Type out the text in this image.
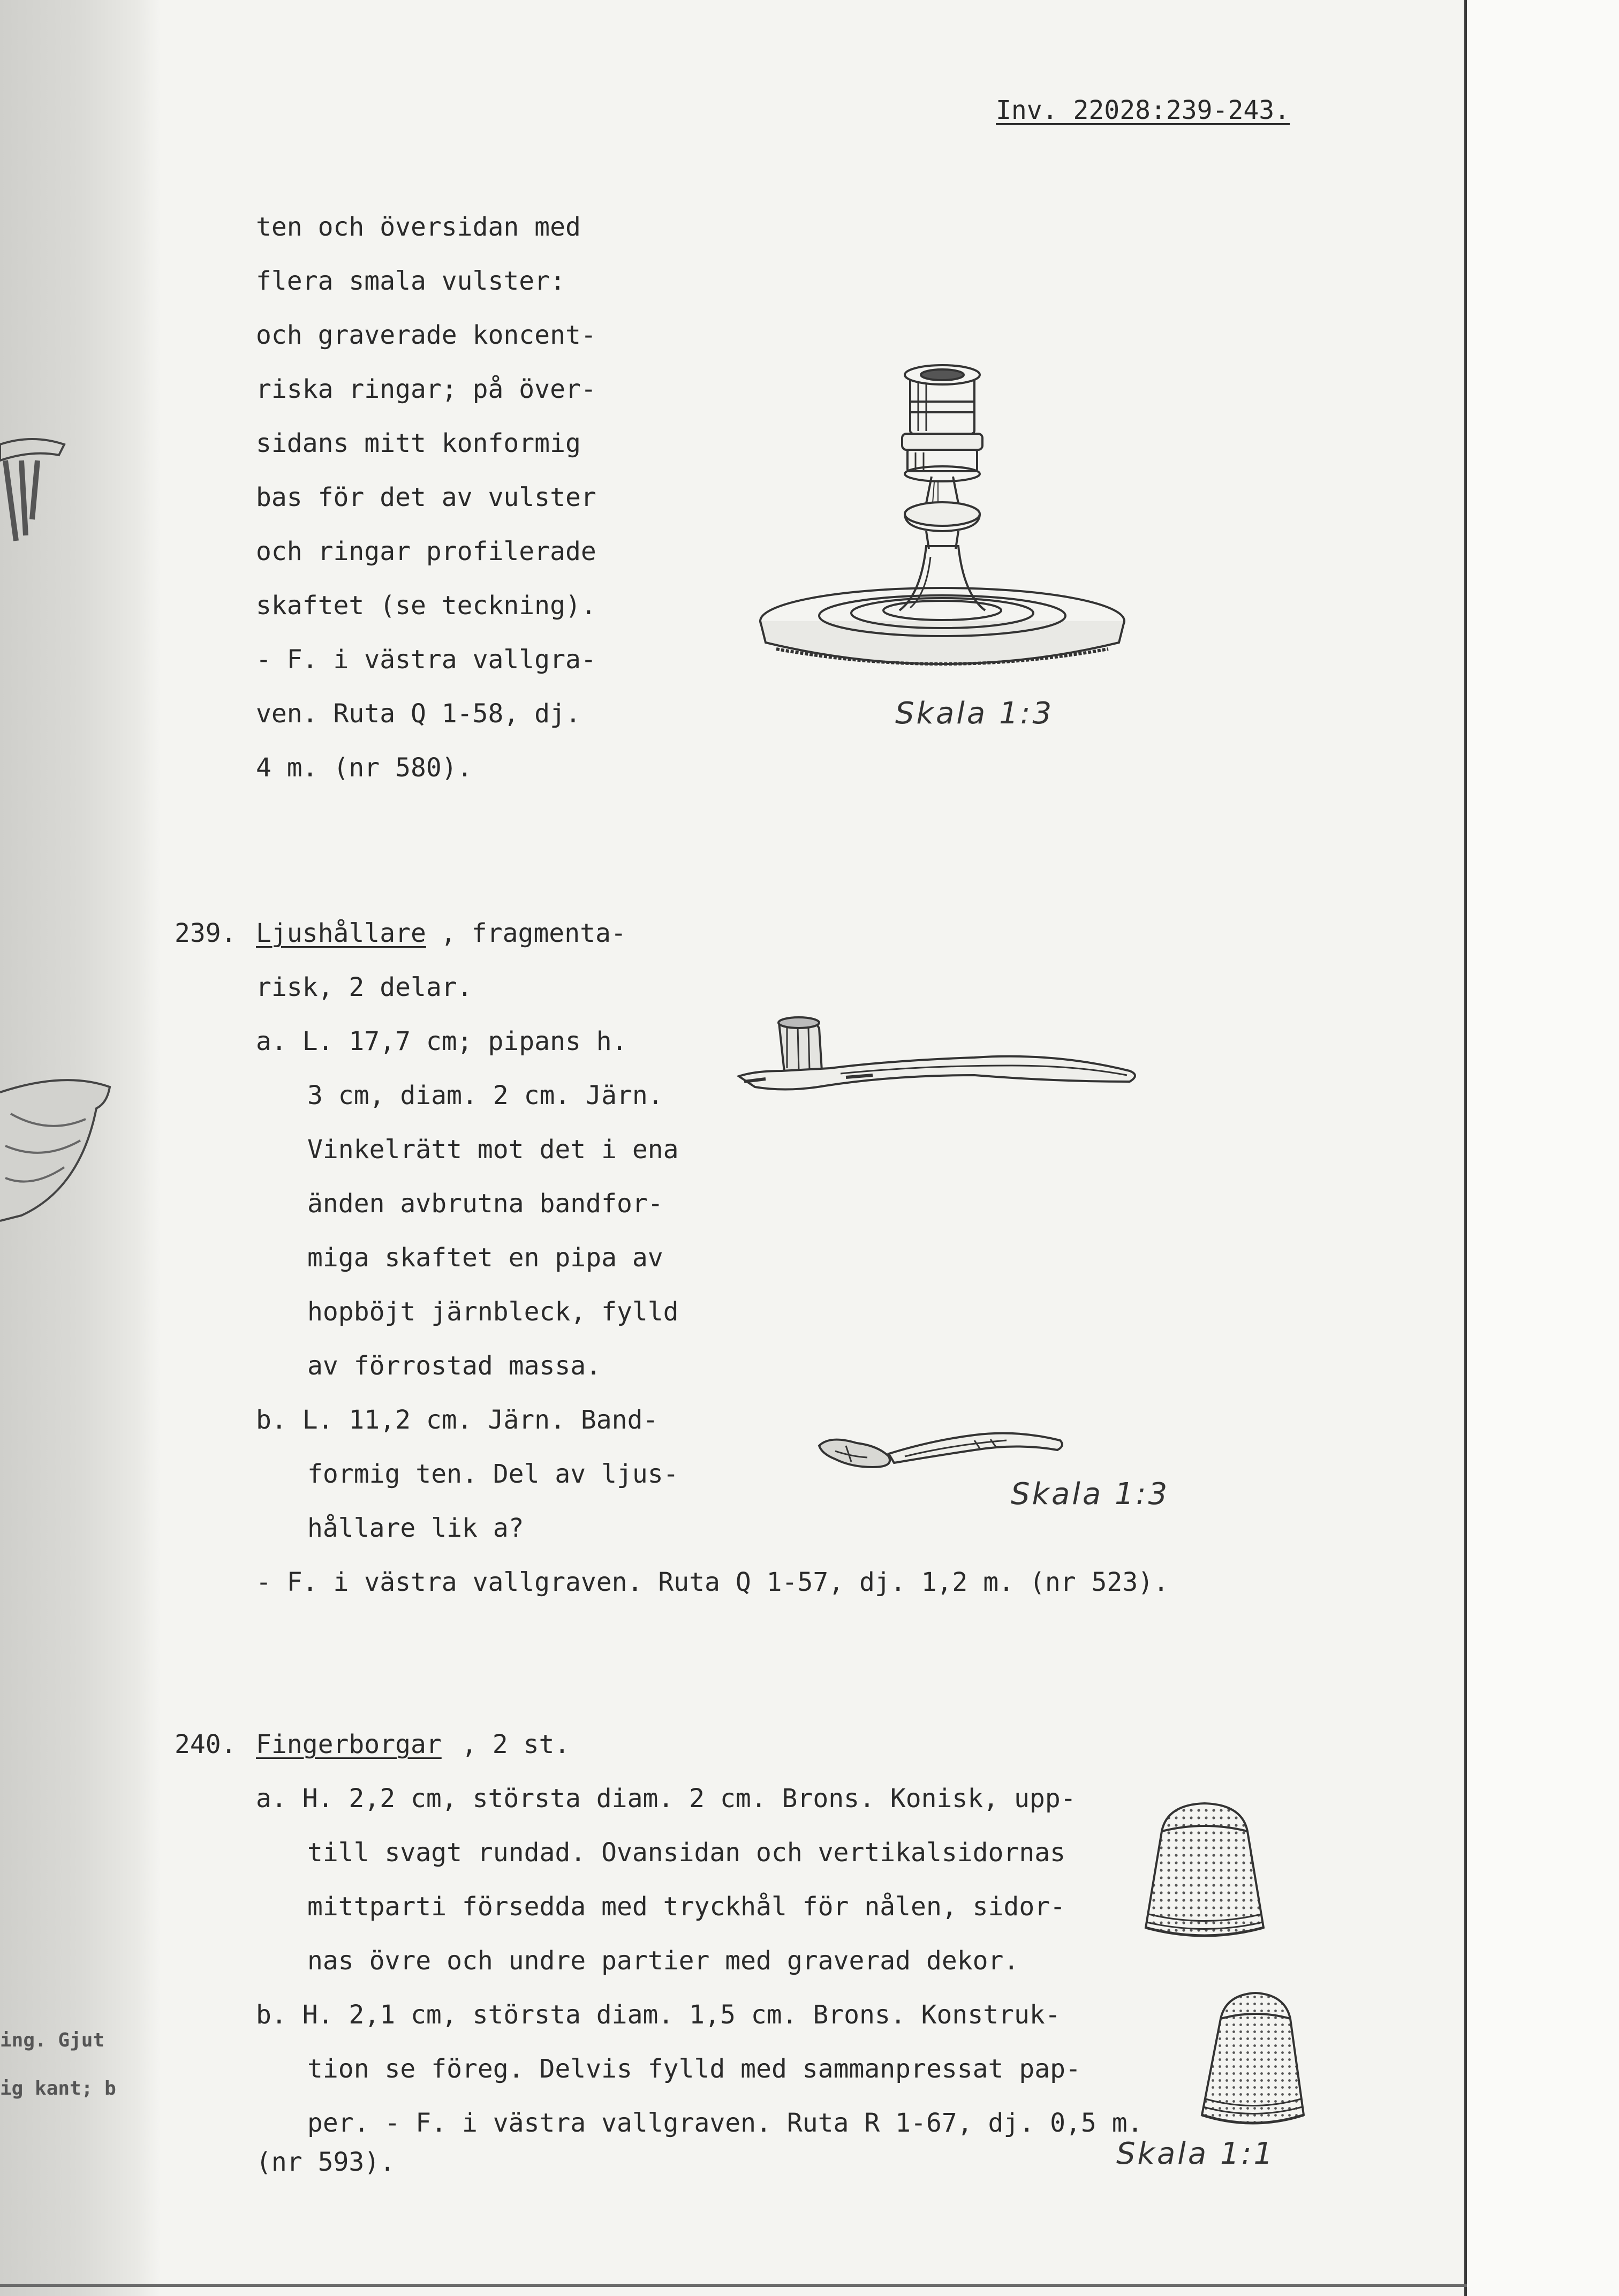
ing. Gjut
ig kant; b
Inv. 22028:239-243.
ten och översidan med
flera smala vulster:
och graverade koncent-
riska ringar; på över-
sidans mitt konformig
bas för det av vulster
och ringar profilerade
skaftet (se teckning).
- F. i västra vallgra-
ven. Ruta Q 1-58, dj.
4 m. (nr 580).
Skala 1:3
239. Ljushållare , fragmenta-
risk, 2 delar.
a. L. 17,7 cm; pipans h.
3 cm, diam. 2 cm. Järn.
Vinkelrätt mot det i ena
änden avbrutna bandfor-
miga skaftet en pipa av
hopböjt järnbleck, fylld
av förrostad massa.
b. L. 11,2 cm. Järn. Band-
formig ten. Del av ljus-
hållare lik a?
- F. i västra vallgraven. Ruta Q 1-57, dj. 1,2 m. (nr 523).
Skala 1:3
240. Fingerborgar , 2 st.
a. H. 2,2 cm, största diam. 2 cm. Brons. Konisk, upp-
till svagt rundad. Ovansidan och vertikalsidornas
mittparti försedda med tryckhål för nålen, sidor-
nas övre och undre partier med graverad dekor.
b. H. 2,1 cm, största diam. 1,5 cm. Brons. Konstruk-
tion se föreg. Delvis fylld med sammanpressat pap-
per. - F. i västra vallgraven. Ruta R 1-67, dj. 0,5 m.
(nr 593).	Skala 1:1
